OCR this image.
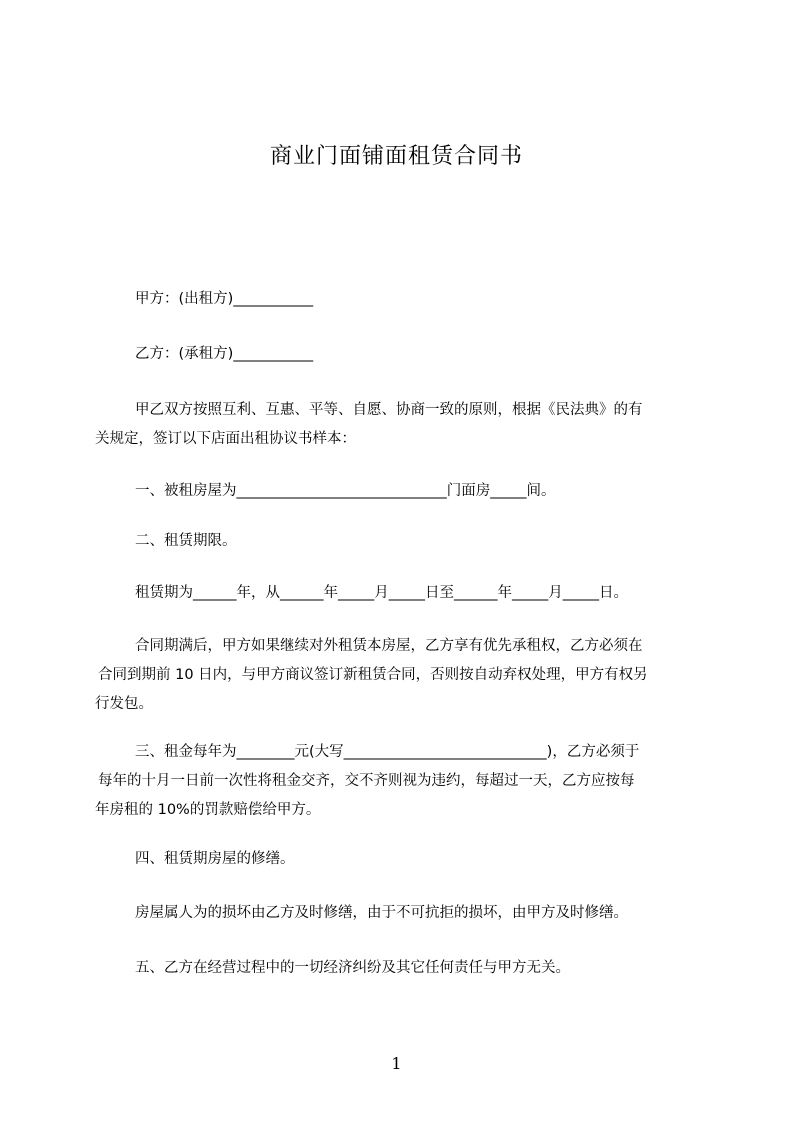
商业门面铺面租赁合同书
甲方：(出租方)___________
乙方：(承租方)___________
甲乙双方按照互利、互惠、平等、自愿、协商一致的原则，根据《民法典》的有
关规定，签订以下店面出租协议书样本：
一、被租房屋为_____________________________门面房_____间。
二、租赁期限。
租赁期为______年，从______年_____月_____日至______年_____月_____日。
合同期满后，甲方如果继续对外租赁本房屋，乙方享有优先承租权，乙方必须在
合同到期前 10 日内，与甲方商议签订新租赁合同，否则按自动弃权处理，甲方有权另
行发包。
三、租金每年为________元(大写____________________________)，乙方必须于
每年的十月一日前一次性将租金交齐，交不齐则视为违约，每超过一天，乙方应按每
年房租的 10%的罚款赔偿给甲方。
四、租赁期房屋的修缮。
房屋属人为的损坏由乙方及时修缮，由于不可抗拒的损坏，由甲方及时修缮。
五、乙方在经营过程中的一切经济纠纷及其它任何责任与甲方无关。
1
